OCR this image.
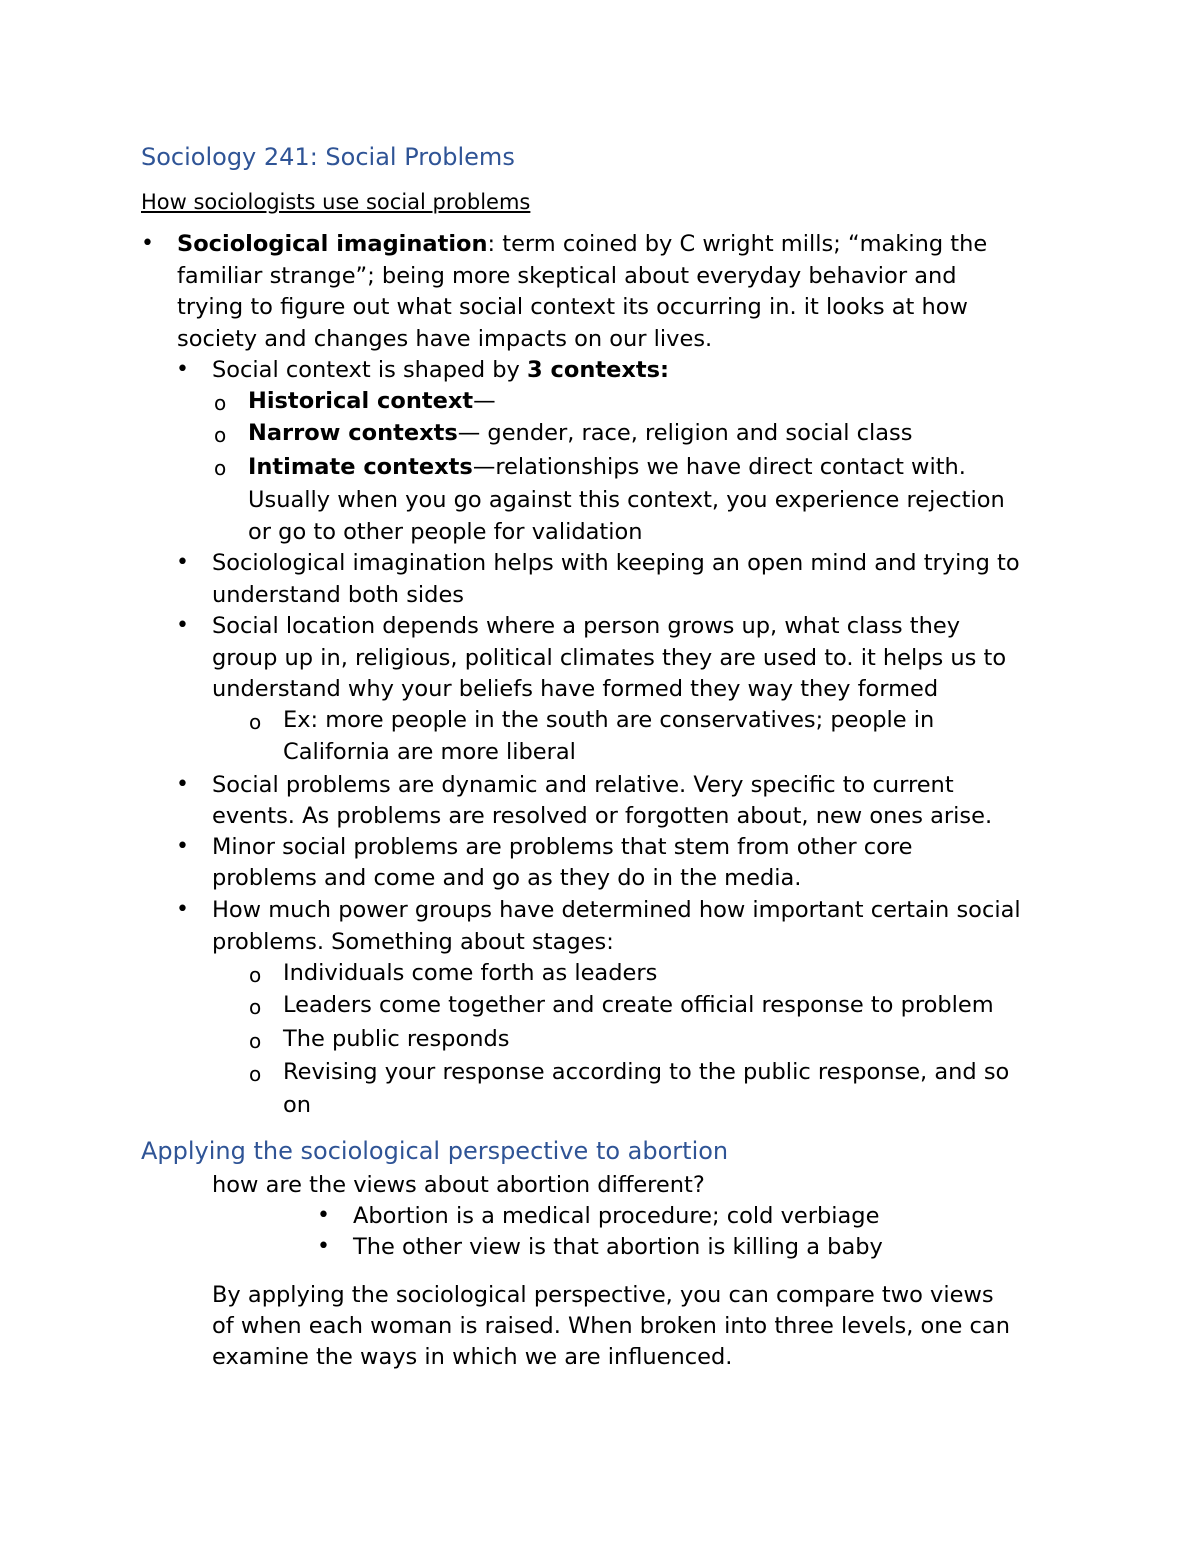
Sociology 241: Social Problems
How sociologists use social problems
• Sociological imagination: term coined by C wright mills; “making the
familiar strange”; being more skeptical about everyday behavior and
trying to figure out what social context its occurring in. it looks at how
society and changes have impacts on our lives.
• Social context is shaped by 3 contexts:
o Historical context—
o Narrow contexts— gender, race, religion and social class
o Intimate contexts—relationships we have direct contact with.
Usually when you go against this context, you experience rejection
or go to other people for validation
• Sociological imagination helps with keeping an open mind and trying to
understand both sides
• Social location depends where a person grows up, what class they
group up in, religious, political climates they are used to. it helps us to
understand why your beliefs have formed they way they formed
o Ex: more people in the south are conservatives; people in
California are more liberal
• Social problems are dynamic and relative. Very specific to current
events. As problems are resolved or forgotten about, new ones arise.
• Minor social problems are problems that stem from other core
problems and come and go as they do in the media.
• How much power groups have determined how important certain social
problems. Something about stages:
o Individuals come forth as leaders
o Leaders come together and create official response to problem
o The public responds
o Revising your response according to the public response, and so
on
Applying the sociological perspective to abortion
how are the views about abortion different?
• Abortion is a medical procedure; cold verbiage
• The other view is that abortion is killing a baby
By applying the sociological perspective, you can compare two views
of when each woman is raised. When broken into three levels, one can
examine the ways in which we are influenced.
